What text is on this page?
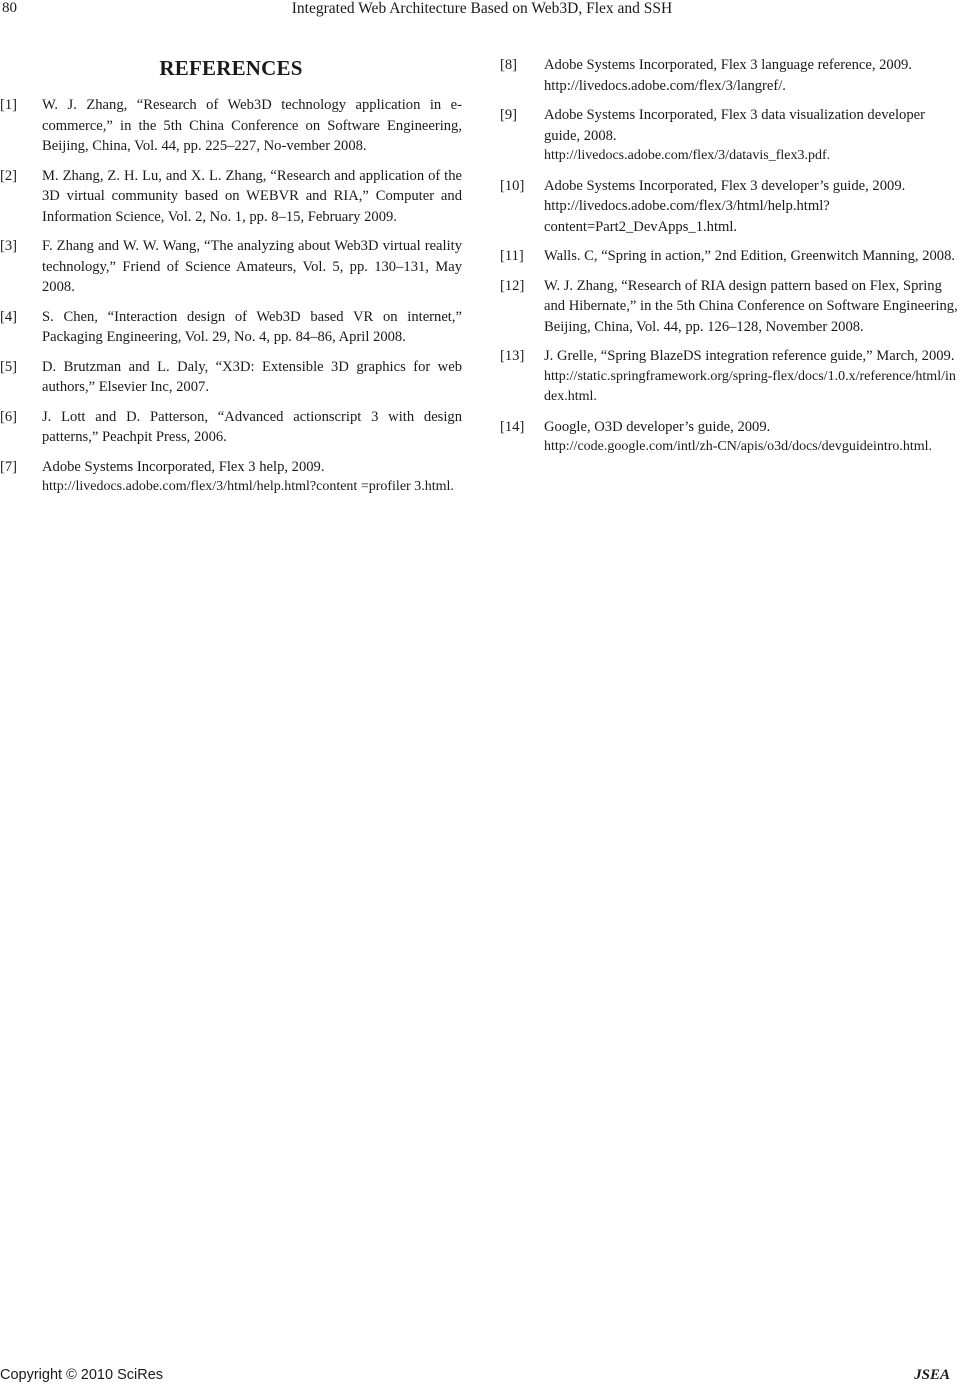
80	Integrated Web Architecture Based on Web3D, Flex and SSH
REFERENCES
[1]	W. J. Zhang, “Research of Web3D technology application in e-commerce,” in the 5th China Conference on Software Engineering, Beijing, China, Vol. 44, pp. 225–227, No-vember 2008.
[2]	M. Zhang, Z. H. Lu, and X. L. Zhang, “Research and application of the 3D virtual community based on WEBVR and RIA,” Computer and Information Science, Vol. 2, No. 1, pp. 8–15, February 2009.
[3]	F. Zhang and W. W. Wang, “The analyzing about Web3D virtual reality technology,” Friend of Science Amateurs, Vol. 5, pp. 130–131, May 2008.
[4]	S. Chen, “Interaction design of Web3D based VR on internet,” Packaging Engineering, Vol. 29, No. 4, pp. 84–86, April 2008.
[5]	D. Brutzman and L. Daly, “X3D: Extensible 3D graphics for web authors,” Elsevier Inc, 2007.
[6]	J. Lott and D. Patterson, “Advanced actionscript 3 with design patterns,” Peachpit Press, 2006.
[7]	Adobe Systems Incorporated, Flex 3 help, 2009.
http://livedocs.adobe.com/flex/3/html/help.html?content =profiler 3.html.
[8]	Adobe Systems Incorporated, Flex 3 language reference, 2009. http://livedocs.adobe.com/flex/3/langref/.
[9]	Adobe Systems Incorporated, Flex 3 data visualization developer guide, 2008.
http://livedocs.adobe.com/flex/3/datavis_flex3.pdf.
[10]	Adobe Systems Incorporated, Flex 3 developer’s guide, 2009. http://livedocs.adobe.com/flex/3/html/help.html?content=Part2_DevApps_1.html.
[11]	Walls. C, “Spring in action,” 2nd Edition, Greenwitch Manning, 2008.
[12]	W. J. Zhang, “Research of RIA design pattern based on Flex, Spring and Hibernate,” in the 5th China Conference on Software Engineering, Beijing, China, Vol. 44, pp. 126–128, November 2008.
[13]	J. Grelle, “Spring BlazeDS integration reference guide,” March, 2009.
http://static.springframework.org/spring-flex/docs/1.0.x/reference/html/index.html.
[14]	Google, O3D developer’s guide, 2009.
http://code.google.com/intl/zh-CN/apis/o3d/docs/devguideintro.html.
Copyright © 2010 SciRes	JSEA
